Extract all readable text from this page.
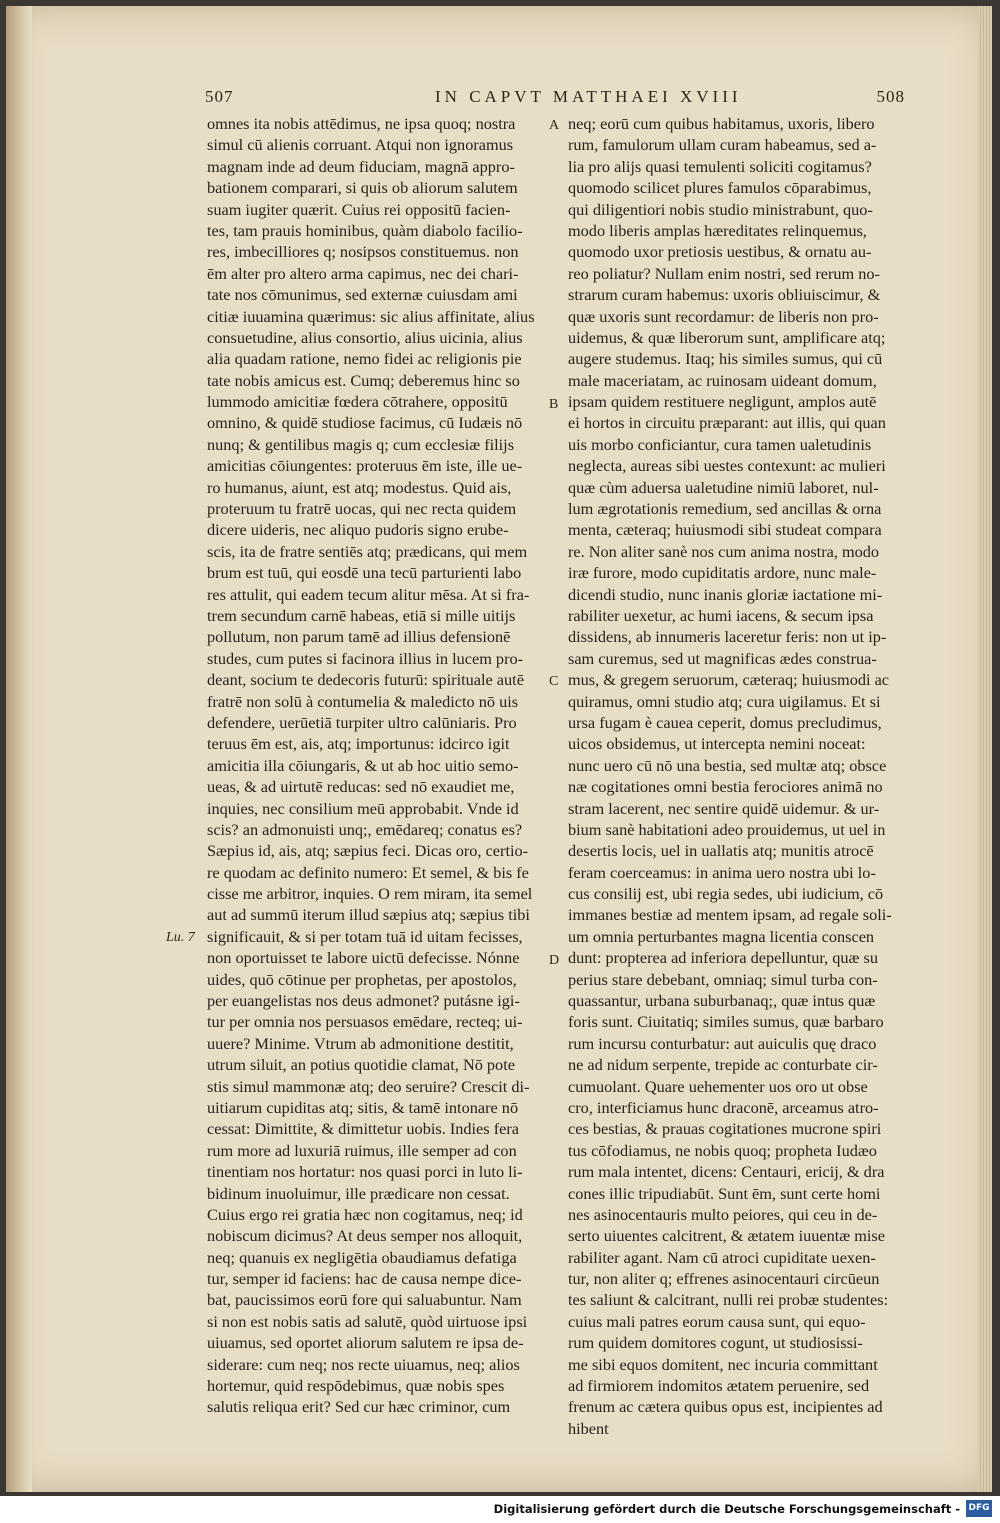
507	IN CAPVT MATTHAEI XVIII	508
omnes ita nobis attēdimus, ne ipsa quoq; nostra
simul cū alienis corruant. Atqui non ignoramus
magnam inde ad deum fiduciam, magnā appro-
bationem comparari, si quis ob aliorum salutem
suam iugiter quærit. Cuius rei oppositū facien-
tes, tam prauis hominibus, quàm diabolo facilio-
res, imbecilliores q; nosipsos constituemus. non
ēm alter pro altero arma capimus, nec dei chari-
tate nos cōmunimus, sed externæ cuiusdam ami
citiæ iuuamina quærimus: sic alius affinitate, alius
consuetudine, alius consortio, alius uicinia, alius
alia quadam ratione, nemo fidei ac religionis pie
tate nobis amicus est. Cumq; deberemus hinc so
lummodo amicitiæ fœdera cōtrahere, oppositū
omnino, & quidē studiose facimus, cū Iudæis nō
nunq; & gentilibus magis q; cum ecclesiæ filijs
amicitias cōiungentes: proteruus ēm iste, ille ue-
ro humanus, aiunt, est atq; modestus. Quid ais,
proteruum tu fratrē uocas, qui nec recta quidem
dicere uideris, nec aliquo pudoris signo erube-
scis, ita de fratre sentiēs atq; prædicans, qui mem
brum est tuū, qui eosdē una tecū parturienti labo
res attulit, qui eadem tecum alitur mēsa. At si fra-
trem secundum carnē habeas, etiā si mille uitijs
pollutum, non parum tamē ad illius defensionē
studes, cum putes si facinora illius in lucem pro-
deant, socium te dedecoris futurū: spirituale autē
fratrē non solū à contumelia & maledicto nō uis
defendere, uerūetiā turpiter ultro calūniaris. Pro
teruus ēm est, ais, atq; importunus: idcirco igit
amicitia illa cōiungaris, & ut ab hoc uitio semo-
ueas, & ad uirtutē reducas: sed nō exaudiet me,
inquies, nec consilium meū approbabit. Vnde id
scis? an admonuisti unq;, emēdareq; conatus es?
Sæpius id, ais, atq; sæpius feci. Dicas oro, certio-
re quodam ac definito numero: Et semel, & bis fe
cisse me arbitror, inquies. O rem miram, ita semel
aut ad summū iterum illud sæpius atq; sæpius tibi
significauit, & si per totam tuā id uitam fecisses,
non oportuisset te labore uictū defecisse. Nónne
uides, quō cōtinue per prophetas, per apostolos,
per euangelistas nos deus admonet? putásne igi-
tur per omnia nos persuasos emēdare, recteq; ui-
uuere? Minime. Vtrum ab admonitione destitit,
utrum siluit, an potius quotidie clamat, Nō pote
stis simul mammonæ atq; deo seruire? Crescit di-
uitiarum cupiditas atq; sitis, & tamē intonare nō
cessat: Dimittite, & dimittetur uobis. Indies fera
rum more ad luxuriā ruimus, ille semper ad con
tinentiam nos hortatur: nos quasi porci in luto li-
bidinum inuoluimur, ille prædicare non cessat.
Cuius ergo rei gratia hæc non cogitamus, neq; id
nobiscum dicimus? At deus semper nos alloquit,
neq; quanuis ex negligētia obaudiamus defatiga
tur, semper id faciens: hac de causa nempe dice-
bat, paucissimos eorū fore qui saluabuntur. Nam
si non est nobis satis ad salutē, quòd uirtuose ipsi
uiuamus, sed oportet aliorum salutem re ipsa de-
siderare: cum neq; nos recte uiuamus, neq; alios
hortemur, quid respōdebimus, quæ nobis spes
salutis reliqua erit? Sed cur hæc criminor, cum
neq; eorū cum quibus habitamus, uxoris, libero
rum, famulorum ullam curam habeamus, sed a-
lia pro alijs quasi temulenti soliciti cogitamus?
quomodo scilicet plures famulos cōparabimus,
qui diligentiori nobis studio ministrabunt, quo-
modo liberis amplas hæreditates relinquemus,
quomodo uxor pretiosis uestibus, & ornatu au-
reo poliatur? Nullam enim nostri, sed rerum no-
strarum curam habemus: uxoris obliuiscimur, &
quæ uxoris sunt recordamur: de liberis non pro-
uidemus, & quæ liberorum sunt, amplificare atq;
augere studemus. Itaq; his similes sumus, qui cū
male maceriatam, ac ruinosam uideant domum,
ipsam quidem restituere negligunt, amplos autē
ei hortos in circuitu præparant: aut illis, qui quan
uis morbo conficiantur, cura tamen ualetudinis
neglecta, aureas sibi uestes contexunt: ac mulieri
quæ cùm aduersa ualetudine nimiū laboret, nul-
lum ægrotationis remedium, sed ancillas & orna
menta, cæteraq; huiusmodi sibi studeat compara
re. Non aliter sanè nos cum anima nostra, modo
iræ furore, modo cupiditatis ardore, nunc male-
dicendi studio, nunc inanis gloriæ iactatione mi-
rabiliter uexetur, ac humi iacens, & secum ipsa
dissidens, ab innumeris laceretur feris: non ut ip-
sam curemus, sed ut magnificas ædes construa-
mus, & gregem seruorum, cæteraq; huiusmodi ac
quiramus, omni studio atq; cura uigilamus. Et si
ursa fugam è cauea ceperit, domus precludimus,
uicos obsidemus, ut intercepta nemini noceat:
nunc uero cū nō una bestia, sed multæ atq; obsce
næ cogitationes omni bestia ferociores animā no
stram lacerent, nec sentire quidē uidemur. & ur-
bium sanè habitationi adeo prouidemus, ut uel in
desertis locis, uel in uallatis atq; munitis atrocē
feram coerceamus: in anima uero nostra ubi lo-
cus consilij est, ubi regia sedes, ubi iudicium, cō
immanes bestiæ ad mentem ipsam, ad regale soli-
um omnia perturbantes magna licentia conscen
dunt: propterea ad inferiora depelluntur, quæ su
perius stare debebant, omniaq; simul turba con-
quassantur, urbana suburbanaq;, quæ intus quæ
foris sunt. Ciuitatiq; similes sumus, quæ barbaro
rum incursu conturbatur: aut auiculis quę draco
ne ad nidum serpente, trepide ac conturbate cir-
cumuolant. Quare uehementer uos oro ut obse
cro, interficiamus hunc draconē, arceamus atro-
ces bestias, & prauas cogitationes mucrone spiri
tus cōfodiamus, ne nobis quoq; propheta Iudæo
rum mala intentet, dicens: Centauri, ericij, & dra
cones illic tripudiabūt. Sunt ēm, sunt certe homi
nes asinocentauris multo peiores, qui ceu in de-
serto uiuentes calcitrent, & ætatem iuuentæ mise
rabiliter agant. Nam cū atroci cupiditate uexen-
tur, non aliter q; effrenes asinocentauri circūeun
tes saliunt & calcitrant, nulli rei probæ studentes:
cuius mali patres eorum causa sunt, qui equo-
rum quidem domitores cogunt, ut studiosissi-
me sibi equos domitent, nec incuria committant
ad firmiorem indomitos ætatem peruenire, sed
frenum ac cætera quibus opus est, incipientes ad
hibent
A
B
C
D
Lu. 7
Digitalisierung gefördert durch die Deutsche Forschungsgemeinschaft - DFG
